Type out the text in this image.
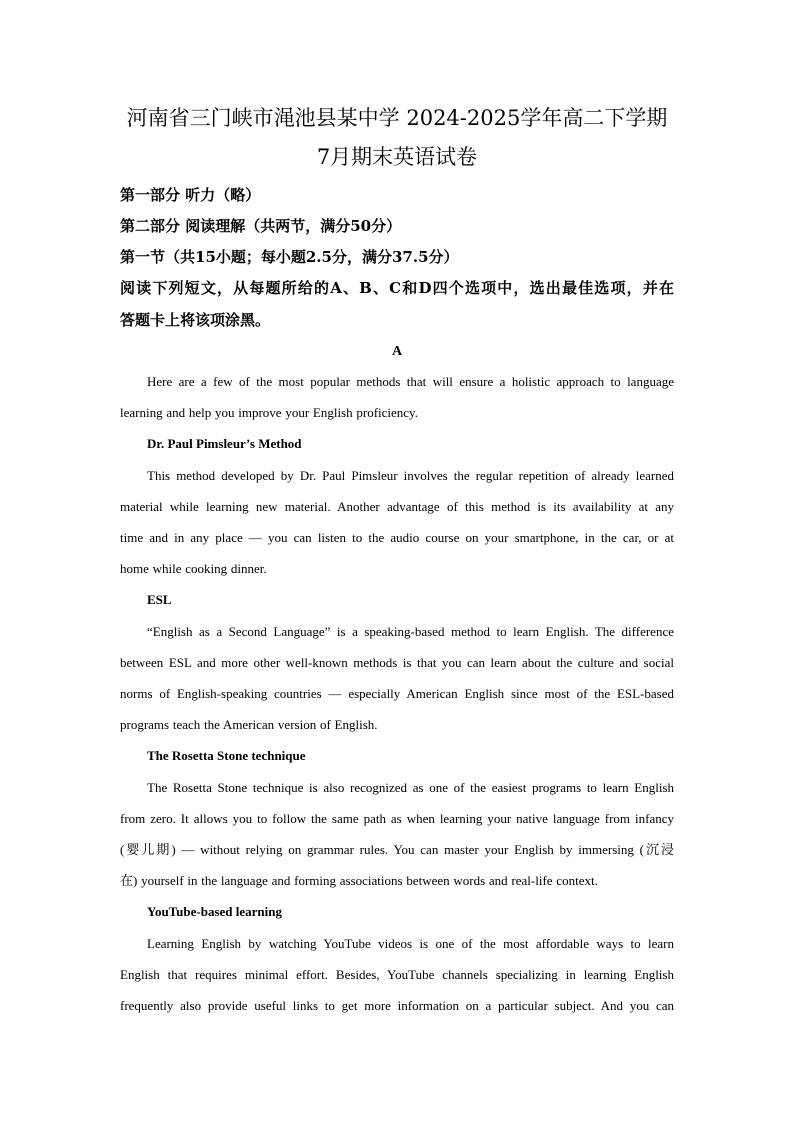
河南省三门峡市渑池县某中学 2024-2025学年高二下学期
7月期末英语试卷
第一部分 听力（略）
第二部分 阅读理解（共两节，满分50分）
第一节（共15小题；每小题2.5分，满分37.5分）
阅读下列短文，从每题所给的A、B、C和D四个选项中，选出最佳选项，并在
答题卡上将该项涂黑。
A
Here are a few of the most popular methods that will ensure a holistic approach to language
learning and help you improve your English proficiency.
Dr. Paul Pimsleur’s Method
This method developed by Dr. Paul Pimsleur involves the regular repetition of already learned
material while learning new material. Another advantage of this method is its availability at any
time and in any place — you can listen to the audio course on your smartphone, in the car, or at
home while cooking dinner.
ESL
“English as a Second Language” is a speaking-based method to learn English. The difference
between ESL and more other well-known methods is that you can learn about the culture and social
norms of English-speaking countries — especially American English since most of the ESL-based
programs teach the American version of English.
The Rosetta Stone technique
The Rosetta Stone technique is also recognized as one of the easiest programs to learn English
from zero. It allows you to follow the same path as when learning your native language from infancy
(婴儿期) — without relying on grammar rules. You can master your English by immersing (沉浸
在) yourself in the language and forming associations between words and real-life context.
YouTube-based learning
Learning English by watching YouTube videos is one of the most affordable ways to learn
English that requires minimal effort. Besides, YouTube channels specializing in learning English
frequently also provide useful links to get more information on a particular subject. And you can
